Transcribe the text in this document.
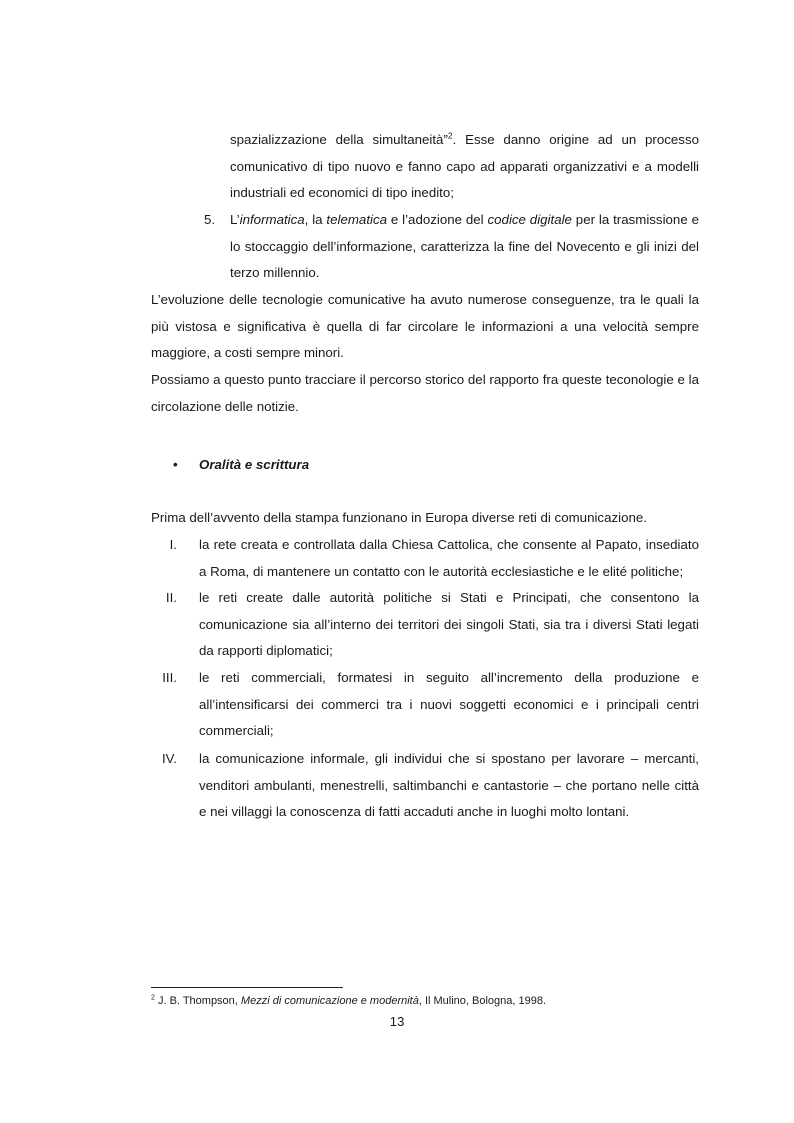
spazializzazione della simultaneità”$^2$. Esse danno origine ad un processo comunicativo di tipo nuovo e fanno capo ad apparati organizzativi e a modelli industriali ed economici di tipo inedito;
5. L’informatica, la telematica e l’adozione del codice digitale per la trasmissione e lo stoccaggio dell’informazione, caratterizza la fine del Novecento e gli inizi del terzo millennio.
L’evoluzione delle tecnologie comunicative ha avuto numerose conseguenze, tra le quali la più vistosa e significativa è quella di far circolare le informazioni a una velocità sempre maggiore, a costi sempre minori.
Possiamo a questo punto tracciare il percorso storico del rapporto fra queste teconologie e la circolazione delle notizie.
• Oralità e scrittura
Prima dell’avvento della stampa funzionano in Europa diverse reti di comunicazione.
I. la rete creata e controllata dalla Chiesa Cattolica, che consente al Papato, insediato a Roma, di mantenere un contatto con le autorità ecclesiastiche e le elité politiche;
II. le reti create dalle autorità politiche si Stati e Principati, che consentono la comunicazione sia all’interno dei territori dei singoli Stati, sia tra i diversi Stati legati da rapporti diplomatici;
III. le reti commerciali, formatesi in seguito all’incremento della produzione e all’intensificarsi dei commerci tra i nuovi soggetti economici e i principali centri commerciali;
IV. la comunicazione informale, gli individui che si spostano per lavorare – mercanti, venditori ambulanti, menestrelli, saltimbanchi e cantastorie – che portano nelle città e nei villaggi la conoscenza di fatti accaduti anche in luoghi molto lontani.
$^2$ J. B. Thompson, Mezzi di comunicazione e modernità, Il Mulino, Bologna, 1998.
13
